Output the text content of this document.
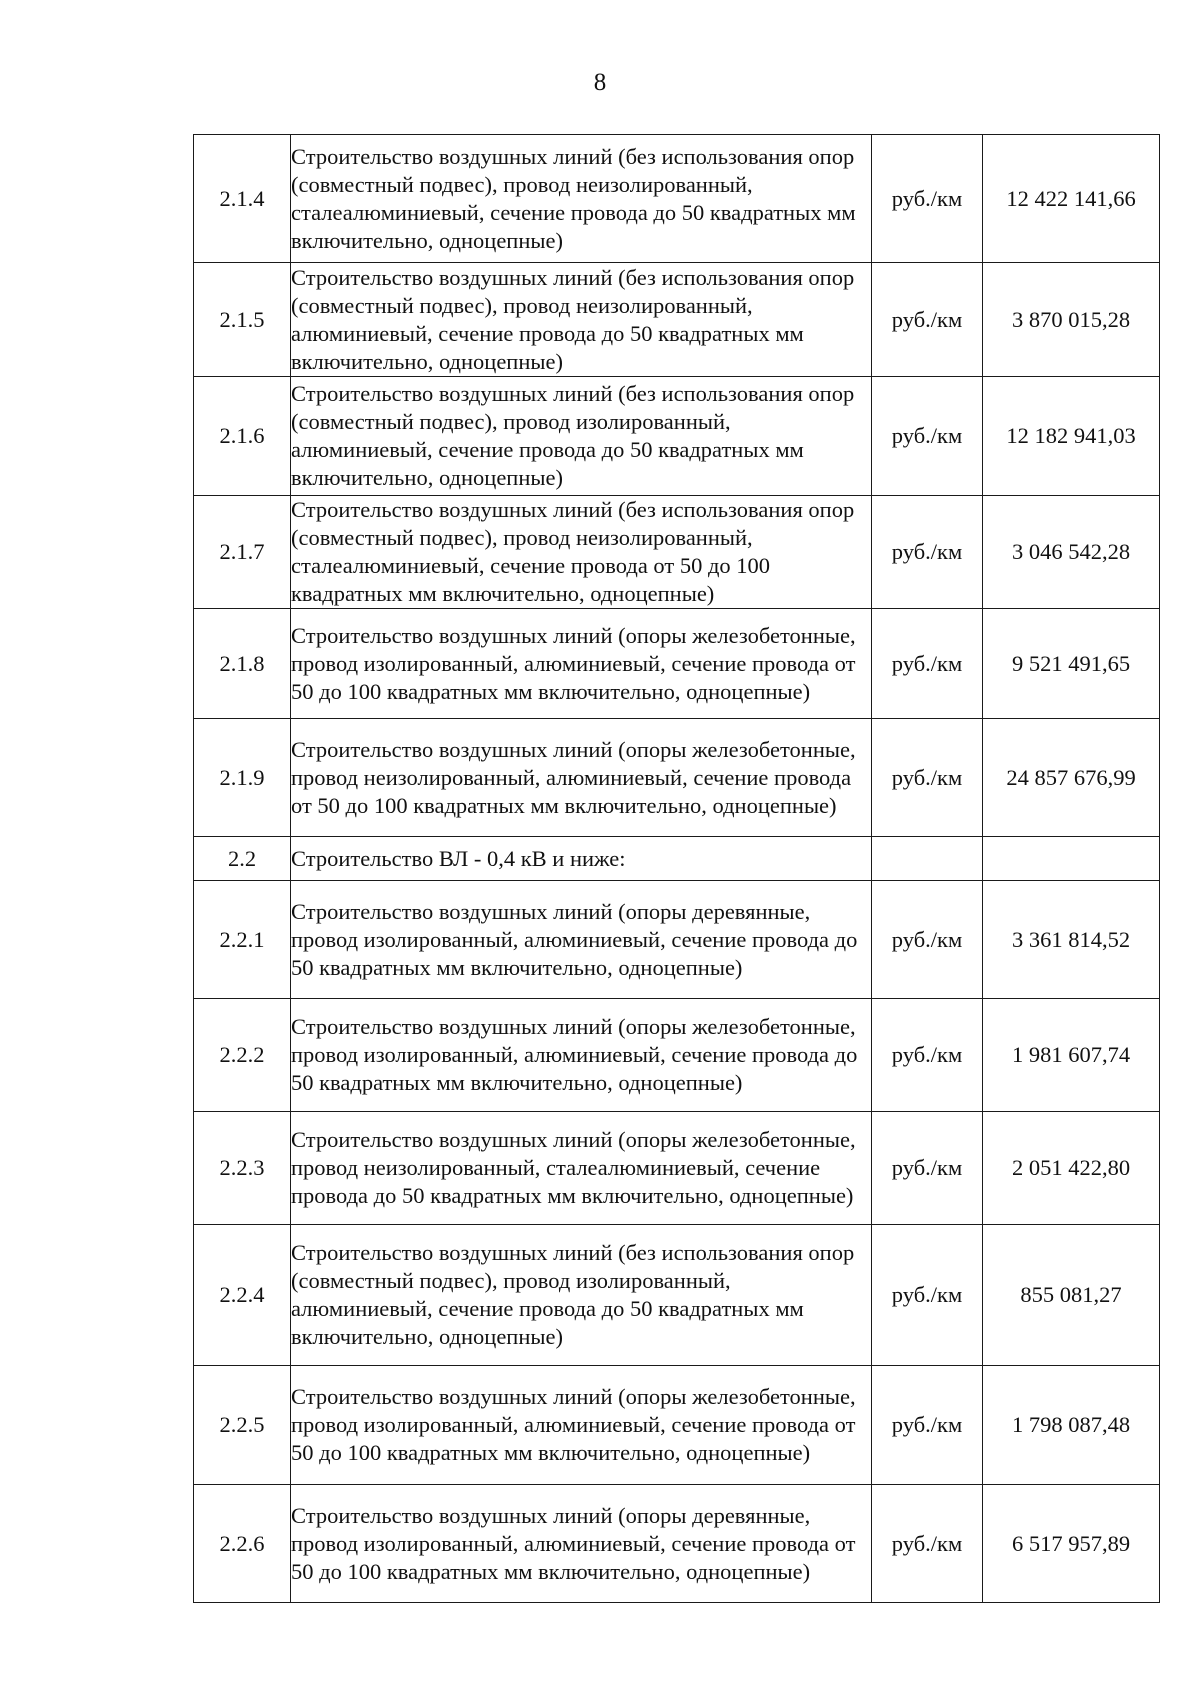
8
2.1.4	Строительство воздушных линий (без использования опор (совместный подвес), провод неизолированный, сталеалюминиевый, сечение провода до 50 квадратных мм включительно, одноцепные)	руб./км	12 422 141,66
2.1.5	Строительство воздушных линий (без использования опор (совместный подвес), провод неизолированный, алюминиевый, сечение провода до 50 квадратных мм включительно, одноцепные)	руб./км	3 870 015,28
2.1.6	Строительство воздушных линий (без использования опор (совместный подвес), провод изолированный, алюминиевый, сечение провода до 50 квадратных мм включительно, одноцепные)	руб./км	12 182 941,03
2.1.7	Строительство воздушных линий (без использования опор (совместный подвес), провод неизолированный, сталеалюминиевый, сечение провода от 50 до 100 квадратных мм включительно, одноцепные)	руб./км	3 046 542,28
2.1.8	Строительство воздушных линий (опоры железобетонные, провод изолированный, алюминиевый, сечение провода от 50 до 100 квадратных мм включительно, одноцепные)	руб./км	9 521 491,65
2.1.9	Строительство воздушных линий (опоры железобетонные, провод неизолированный, алюминиевый, сечение провода от 50 до 100 квадратных мм включительно, одноцепные)	руб./км	24 857 676,99
2.2	Строительство ВЛ - 0,4 кВ и ниже:		
2.2.1	Строительство воздушных линий (опоры деревянные, провод изолированный, алюминиевый, сечение провода до 50 квадратных мм включительно, одноцепные)	руб./км	3 361 814,52
2.2.2	Строительство воздушных линий (опоры железобетонные, провод изолированный, алюминиевый, сечение провода до 50 квадратных мм включительно, одноцепные)	руб./км	1 981 607,74
2.2.3	Строительство воздушных линий (опоры железобетонные, провод неизолированный, сталеалюминиевый, сечение провода до 50 квадратных мм включительно, одноцепные)	руб./км	2 051 422,80
2.2.4	Строительство воздушных линий (без использования опор (совместный подвес), провод изолированный, алюминиевый, сечение провода до 50 квадратных мм включительно, одноцепные)	руб./км	855 081,27
2.2.5	Строительство воздушных линий (опоры железобетонные, провод изолированный, алюминиевый, сечение провода от 50 до 100 квадратных мм включительно, одноцепные)	руб./км	1 798 087,48
2.2.6	Строительство воздушных линий (опоры деревянные, провод изолированный, алюминиевый, сечение провода от 50 до 100 квадратных мм включительно, одноцепные)	руб./км	6 517 957,89
